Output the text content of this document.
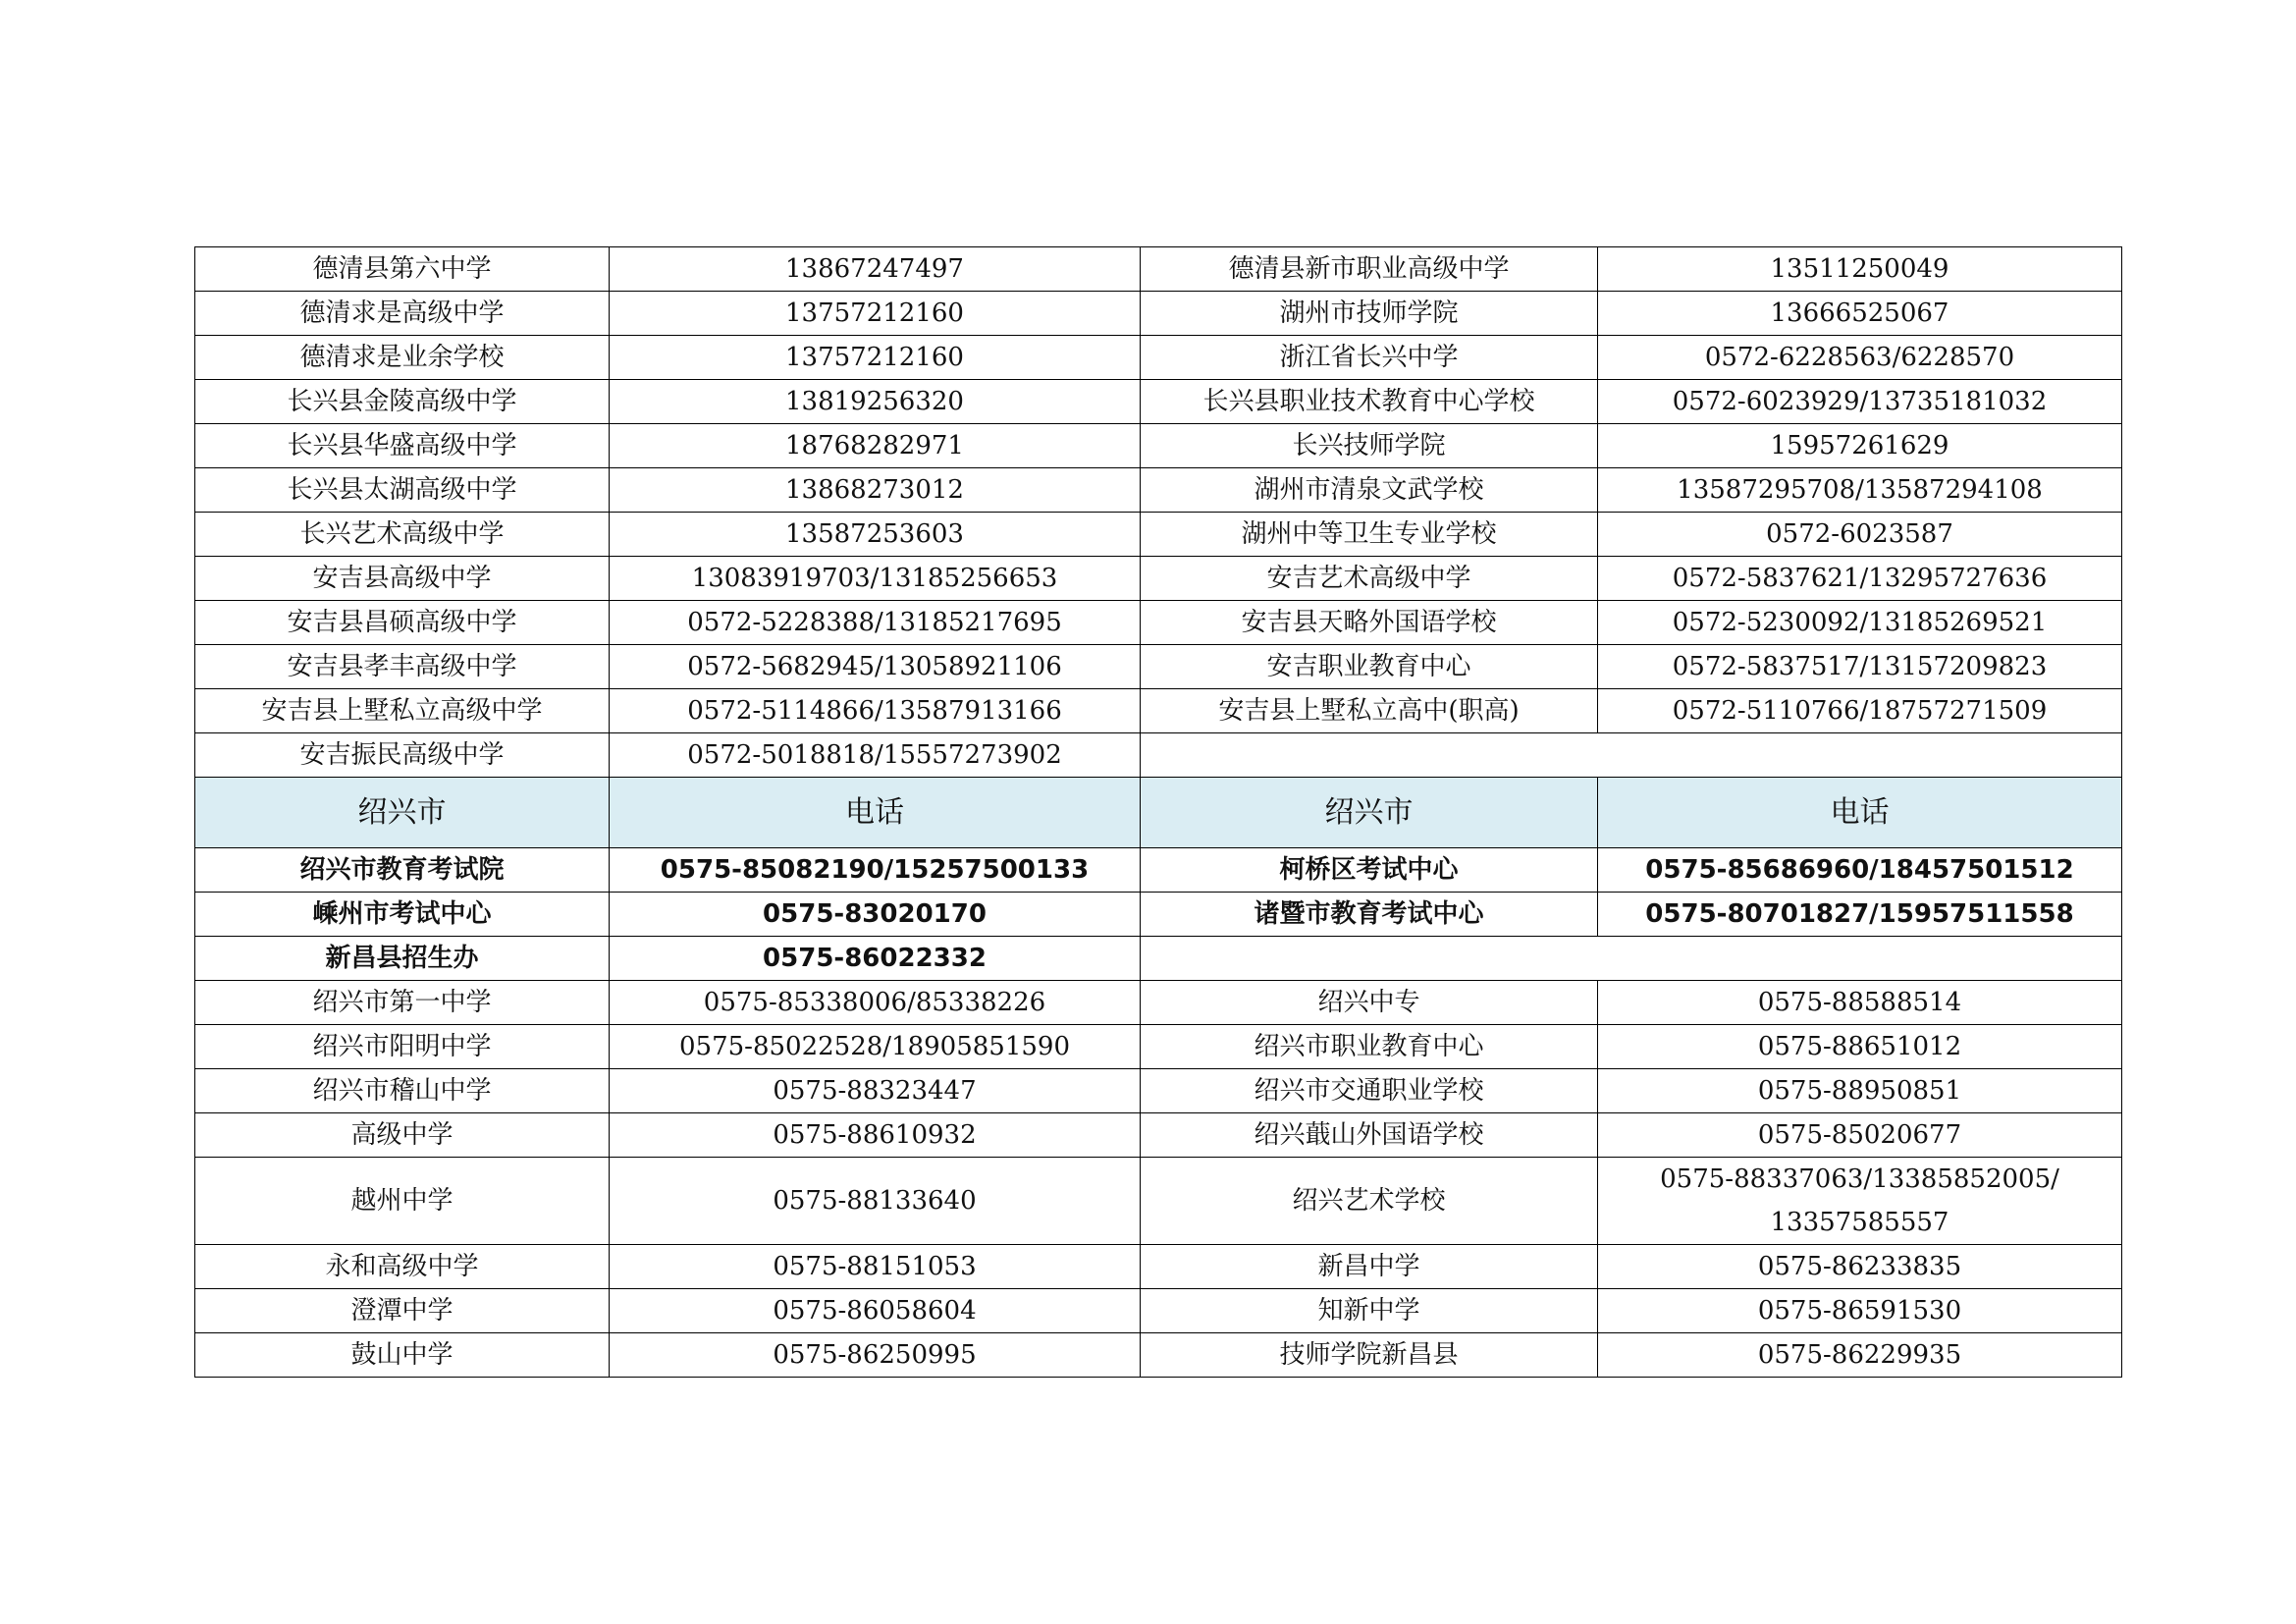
德清县第六中学	13867247497	德清县新市职业高级中学	13511250049
德清求是高级中学	13757212160	湖州市技师学院	13666525067
德清求是业余学校	13757212160	浙江省长兴中学	0572-6228563/6228570
长兴县金陵高级中学	13819256320	长兴县职业技术教育中心学校	0572-6023929/13735181032
长兴县华盛高级中学	18768282971	长兴技师学院	15957261629
长兴县太湖高级中学	13868273012	湖州市清泉文武学校	13587295708/13587294108
长兴艺术高级中学	13587253603	湖州中等卫生专业学校	0572-6023587
安吉县高级中学	13083919703/13185256653	安吉艺术高级中学	0572-5837621/13295727636
安吉县昌硕高级中学	0572-5228388/13185217695	安吉县天略外国语学校	0572-5230092/13185269521
安吉县孝丰高级中学	0572-5682945/13058921106	安吉职业教育中心	0572-5837517/13157209823
安吉县上墅私立高级中学	0572-5114866/13587913166	安吉县上墅私立高中(职高)	0572-5110766/18757271509
安吉振民高级中学	0572-5018818/15557273902		
绍兴市	电话	绍兴市	电话
绍兴市教育考试院	0575-85082190/15257500133	柯桥区考试中心	0575-85686960/18457501512
嵊州市考试中心	0575-83020170	诸暨市教育考试中心	0575-80701827/15957511558
新昌县招生办	0575-86022332		
绍兴市第一中学	0575-85338006/85338226	绍兴中专	0575-88588514
绍兴市阳明中学	0575-85022528/18905851590	绍兴市职业教育中心	0575-88651012
绍兴市稽山中学	0575-88323447	绍兴市交通职业学校	0575-88950851
高级中学	0575-88610932	绍兴蕺山外国语学校	0575-85020677
越州中学	0575-88133640	绍兴艺术学校	0575-88337063/13385852005/
13357585557

永和高级中学	0575-88151053	新昌中学	0575-86233835
澄潭中学	0575-86058604	知新中学	0575-86591530
鼓山中学	0575-86250995	技师学院新昌县	0575-86229935
